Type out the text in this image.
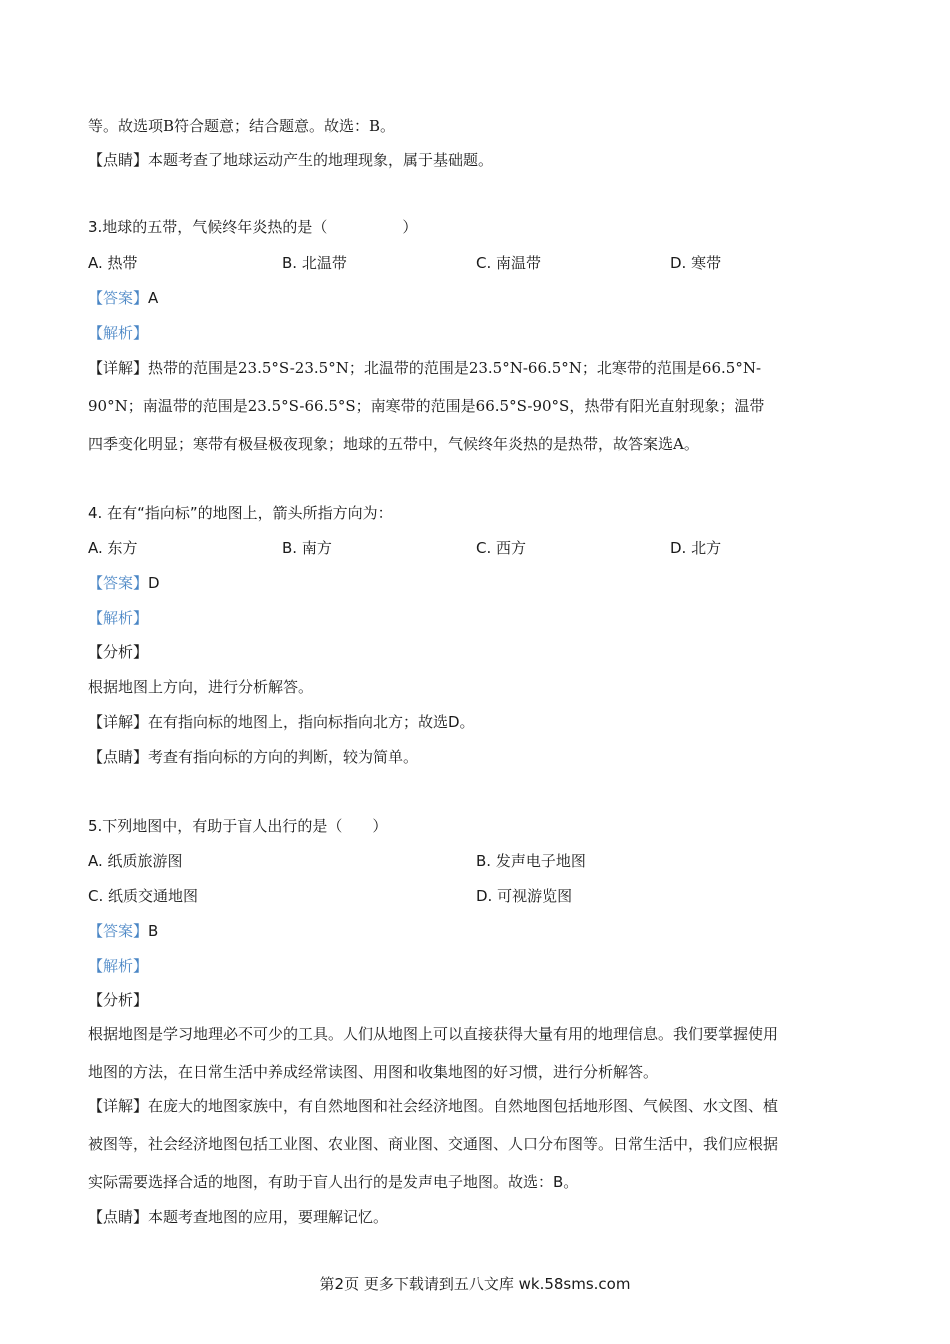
等。故选项B符合题意；结合题意。故选：B。
【点睛】本题考查了地球运动产生的地理现象，属于基础题。
3.地球的五带，气候终年炎热的是（　　　　　）
A. 热带	B. 北温带	C. 南温带	D. 寒带
【答案】A
【解析】
【详解】热带的范围是23.5°S-23.5°N；北温带的范围是23.5°N-66.5°N；北寒带的范围是66.5°N-
90°N；南温带的范围是23.5°S-66.5°S；南寒带的范围是66.5°S-90°S，热带有阳光直射现象；温带
四季变化明显；寒带有极昼极夜现象；地球的五带中，气候终年炎热的是热带，故答案选A。
4. 在有“指向标”的地图上，箭头所指方向为：
A. 东方	B. 南方	C. 西方	D. 北方
【答案】D
【解析】
【分析】
根据地图上方向，进行分析解答。
【详解】在有指向标的地图上，指向标指向北方；故选D。
【点睛】考查有指向标的方向的判断，较为简单。
5.下列地图中，有助于盲人出行的是（　　）
A. 纸质旅游图	B. 发声电子地图
C. 纸质交通地图	D. 可视游览图
【答案】B
【解析】
【分析】
根据地图是学习地理必不可少的工具。人们从地图上可以直接获得大量有用的地理信息。我们要掌握使用
地图的方法，在日常生活中养成经常读图、用图和收集地图的好习惯，进行分析解答。
【详解】在庞大的地图家族中，有自然地图和社会经济地图。自然地图包括地形图、气候图、水文图、植
被图等，社会经济地图包括工业图、农业图、商业图、交通图、人口分布图等。日常生活中，我们应根据
实际需要选择合适的地图，有助于盲人出行的是发声电子地图。故选：B。
【点睛】本题考查地图的应用，要理解记忆。
第2页 更多下载请到五八文库 wk.58sms.com
